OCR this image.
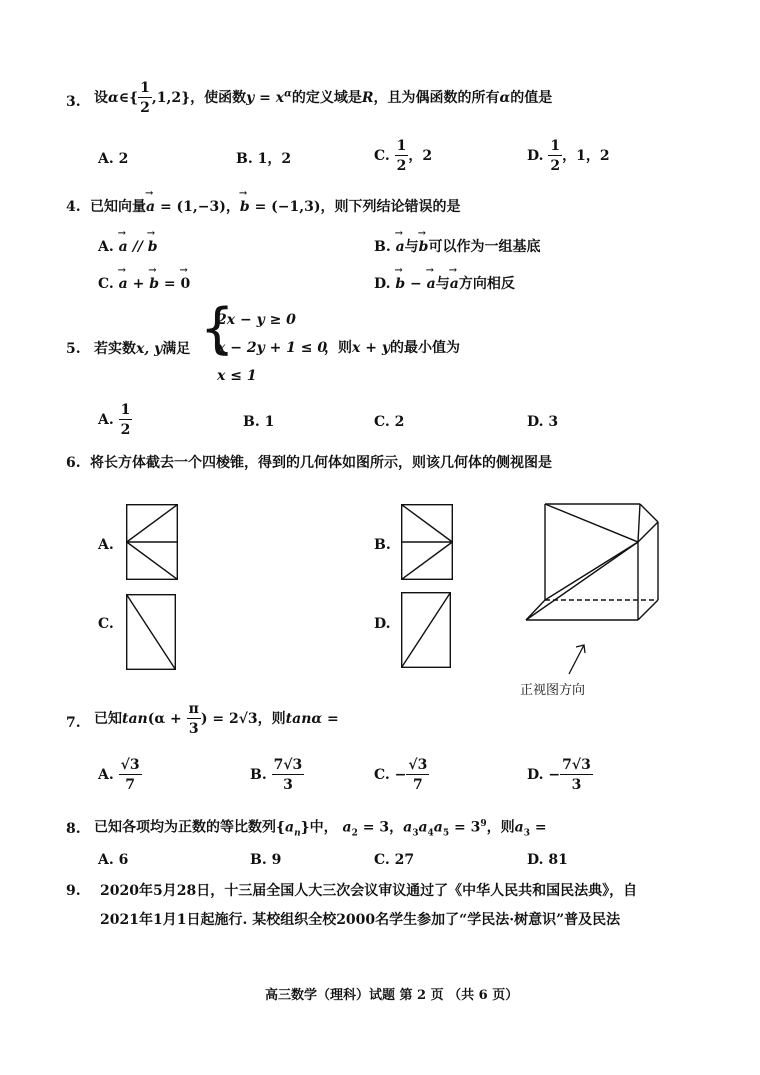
3. 设α∈{ $\frac{1}{2} ,1,2$}，使函数$y = x^\alpha$的定义域是R，且为偶函数的所有α的值是
A. 2	B. 1，2	C. $\frac{1}{2}$ ，2	D. $\frac{1}{2}$ ，1，2
4. 已知向量→ a = (1,−3)，→ b = (−1,3)，则下列结论错误的是
A. → a // → b	B. → a与→ b可以作为一组基底
C. → a + → b = → 0	D. → b − → a与→ a方向相反
5. 若实数x, y满足 {
2x − y ≥ 0
x − 2y + 1 ≤ 0
x ≤ 1
，则x + y的最小值为
A. $\frac{1}{2}$	B. 1	C. 2	D. 3
6. 将长方体截去一个四棱锥，得到的几何体如图所示，则该几何体的侧视图是
A.	B.
C.	D.
正视图方向
7. 已知$\tan(\alpha + \frac{\pi}{3}$ ) = 2√3，则tanα =
A. $\frac{√3}{7}$	B. $\frac{7√3}{3}$	C. − $\frac{√3}{7}$	D. − $\frac{7√3}{3}$
8. 已知各项均为正数的等比数列$\{a_n\}$中， $a_2 = 3$，$a_3a_4a_5 = 3^9$，则$a_3$ =
A. 6	B. 9	C. 27	D. 81
9. 2020年5月28日，十三届全国人大三次会议审议通过了《中华人民共和国民法典》，自
2021年1月1日起施行. 某校组织全校2000名学生参加了“学民法·树意识”普及民法
高三数学（理科）试题 第 2 页 （共 6 页）
